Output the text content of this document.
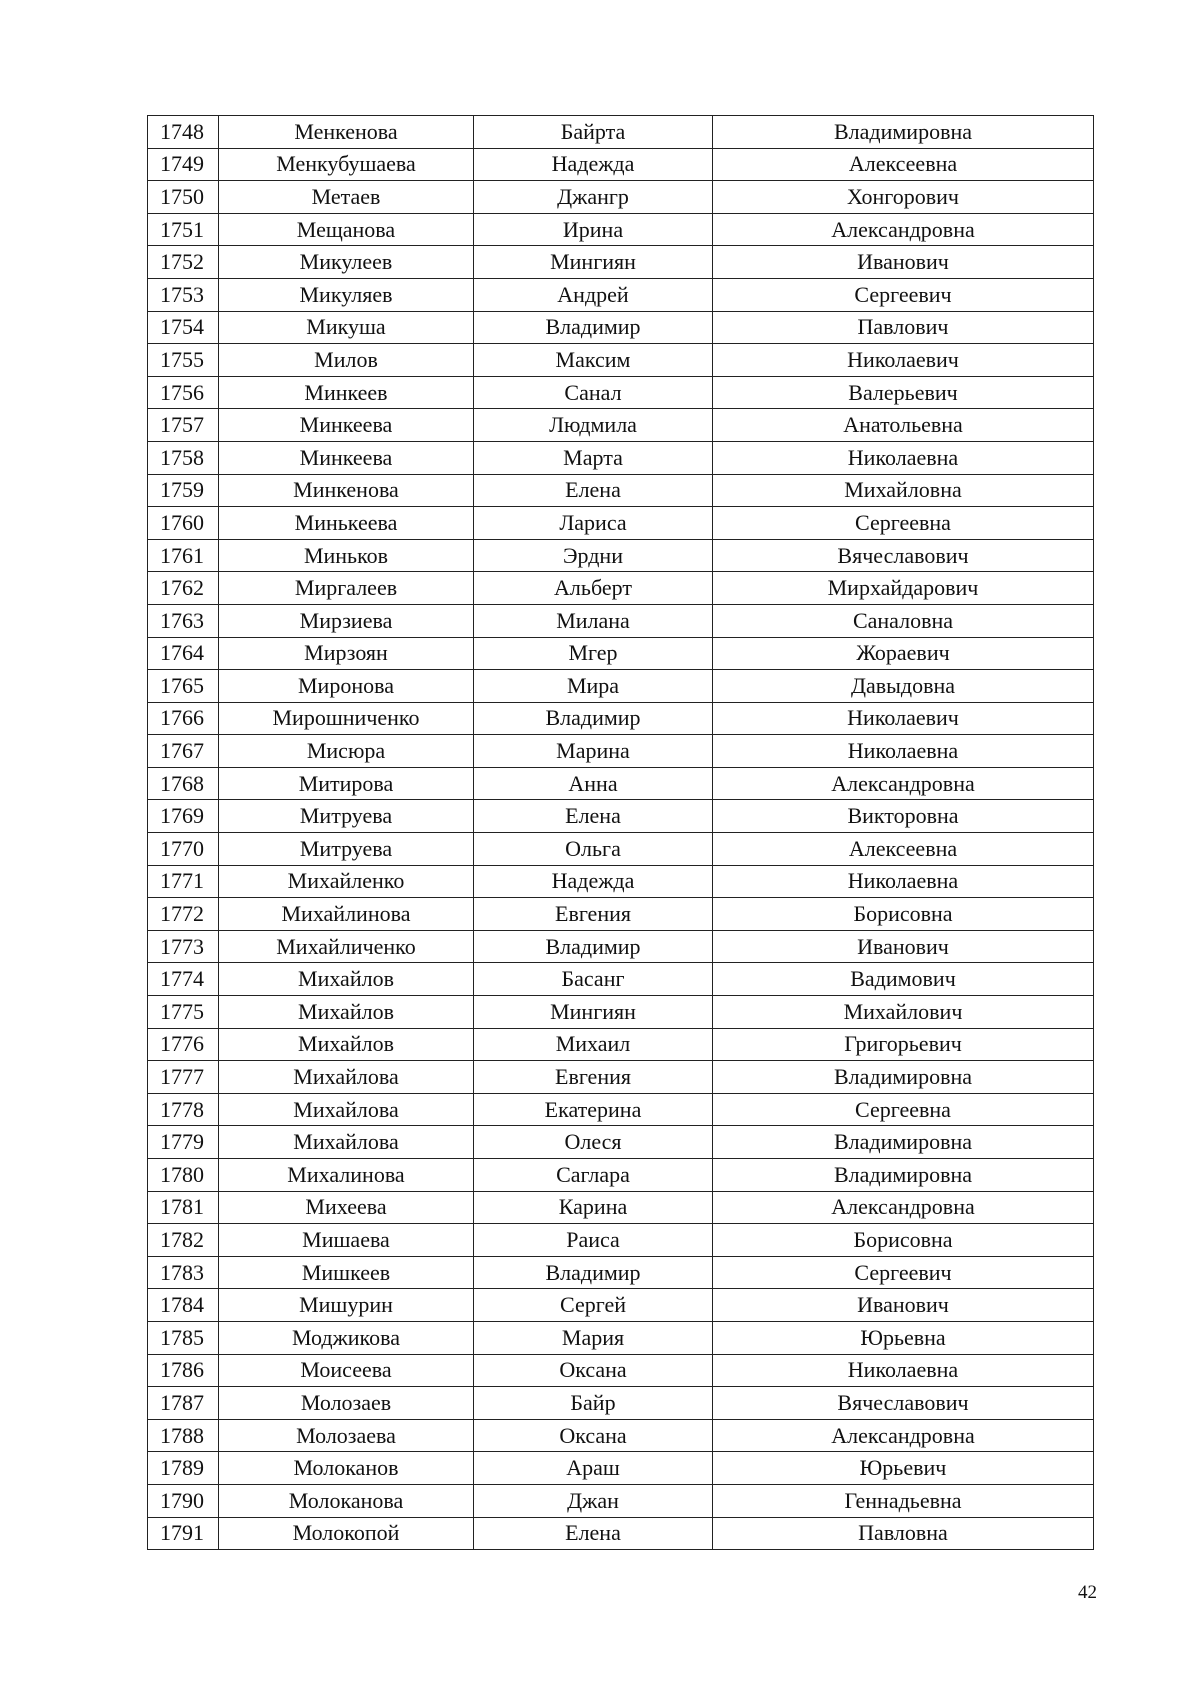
1748	Менкенова	Байрта	Владимировна
1749	Менкубушаева	Надежда	Алексеевна
1750	Метаев	Джангр	Хонгорович
1751	Мещанова	Ирина	Александровна
1752	Микулеев	Мингиян	Иванович
1753	Микуляев	Андрей	Сергеевич
1754	Микуша	Владимир	Павлович
1755	Милов	Максим	Николаевич
1756	Минкеев	Санал	Валерьевич
1757	Минкеева	Людмила	Анатольевна
1758	Минкеева	Марта	Николаевна
1759	Минкенова	Елена	Михайловна
1760	Минькеева	Лариса	Сергеевна
1761	Миньков	Эрдни	Вячеславович
1762	Миргалеев	Альберт	Мирхайдарович
1763	Мирзиева	Милана	Саналовна
1764	Мирзоян	Мгер	Жораевич
1765	Миронова	Мира	Давыдовна
1766	Мирошниченко	Владимир	Николаевич
1767	Мисюра	Марина	Николаевна
1768	Митирова	Анна	Александровна
1769	Митруева	Елена	Викторовна
1770	Митруева	Ольга	Алексеевна
1771	Михайленко	Надежда	Николаевна
1772	Михайлинова	Евгения	Борисовна
1773	Михайличенко	Владимир	Иванович
1774	Михайлов	Басанг	Вадимович
1775	Михайлов	Мингиян	Михайлович
1776	Михайлов	Михаил	Григорьевич
1777	Михайлова	Евгения	Владимировна
1778	Михайлова	Екатерина	Сергеевна
1779	Михайлова	Олеся	Владимировна
1780	Михалинова	Саглара	Владимировна
1781	Михеева	Карина	Александровна
1782	Мишаева	Раиса	Борисовна
1783	Мишкеев	Владимир	Сергеевич
1784	Мишурин	Сергей	Иванович
1785	Моджикова	Мария	Юрьевна
1786	Моисеева	Оксана	Николаевна
1787	Молозаев	Байр	Вячеславович
1788	Молозаева	Оксана	Александровна
1789	Молоканов	Араш	Юрьевич
1790	Молоканова	Джан	Геннадьевна
1791	Молокопой	Елена	Павловна
42
